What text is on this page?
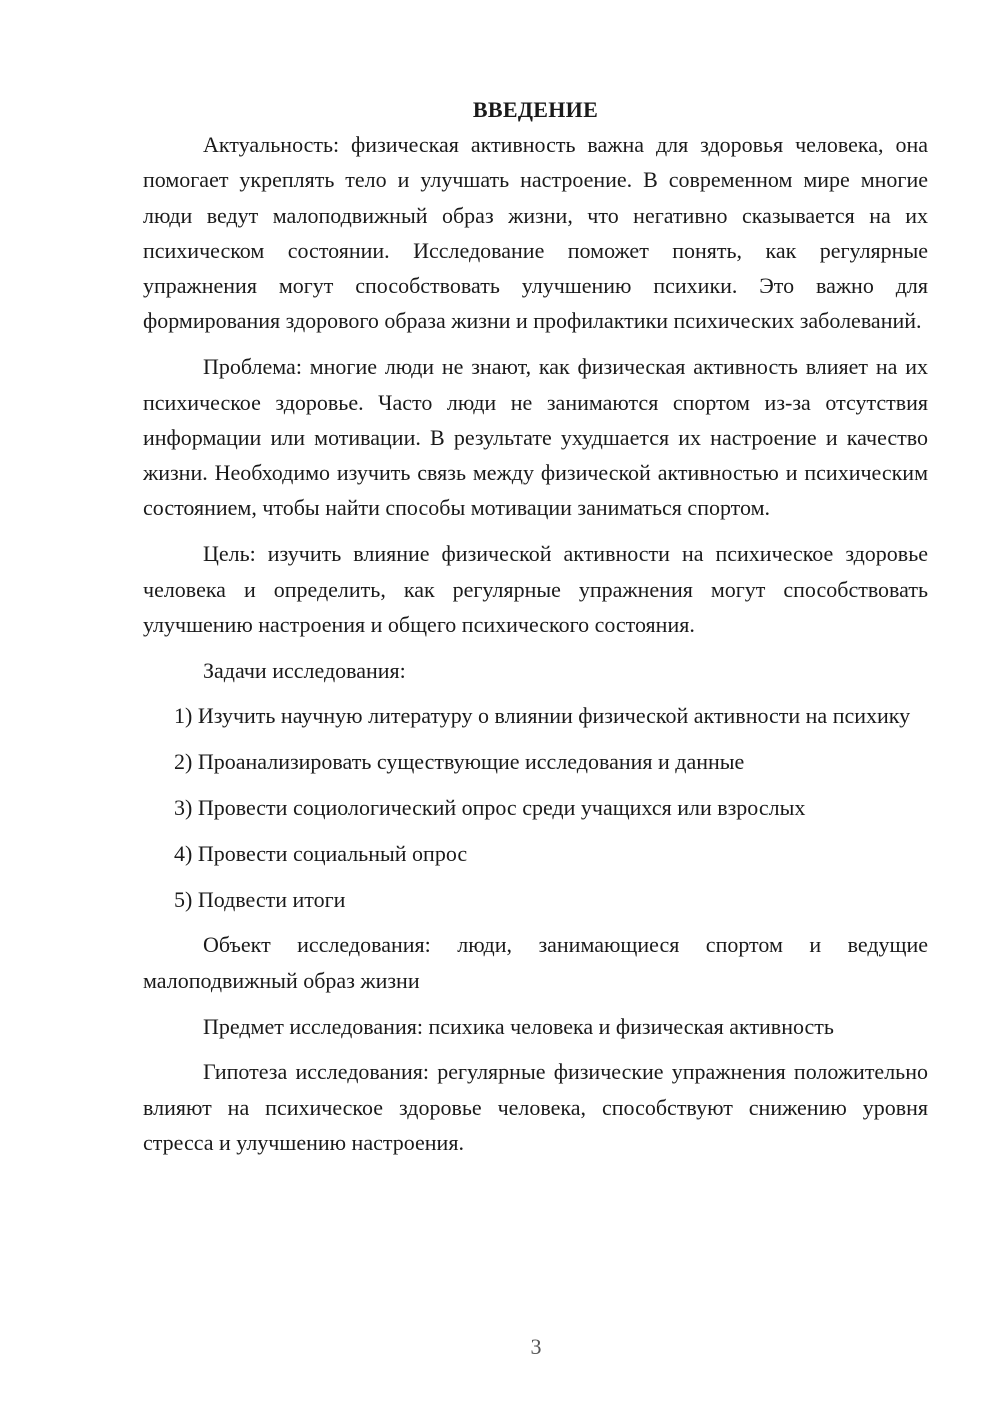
ВВЕДЕНИЕ

Актуальность: физическая активность важна для здоровья человека, она помогает укреплять тело и улучшать настроение. В современном мире многие люди ведут малоподвижный образ жизни, что негативно сказывается на их психическом состоянии. Исследование поможет понять, как регулярные упражнения могут способствовать улучшению психики. Это важно для формирования здорового образа жизни и профилактики психических заболеваний.

Проблема: многие люди не знают, как физическая активность влияет на их психическое здоровье. Часто люди не занимаются спортом из-за отсутствия информации или мотивации. В результате ухудшается их настроение и качество жизни. Необходимо изучить связь между физической активностью и психическим состоянием, чтобы найти способы мотивации заниматься спортом.

Цель: изучить влияние физической активности на психическое здоровье человека и определить, как регулярные упражнения могут способствовать улучшению настроения и общего психического состояния.

Задачи исследования:

1) Изучить научную литературу о влиянии физической активности на психику

2) Проанализировать существующие исследования и данные

3) Провести социологический опрос среди учащихся или взрослых

4) Провести социальный опрос

5) Подвести итоги

Объект исследования: люди, занимающиеся спортом и ведущие малоподвижный образ жизни

Предмет исследования: психика человека и физическая активность

Гипотеза исследования: регулярные физические упражнения положительно влияют на психическое здоровье человека, способствуют снижению уровня стресса и улучшению настроения.

3
